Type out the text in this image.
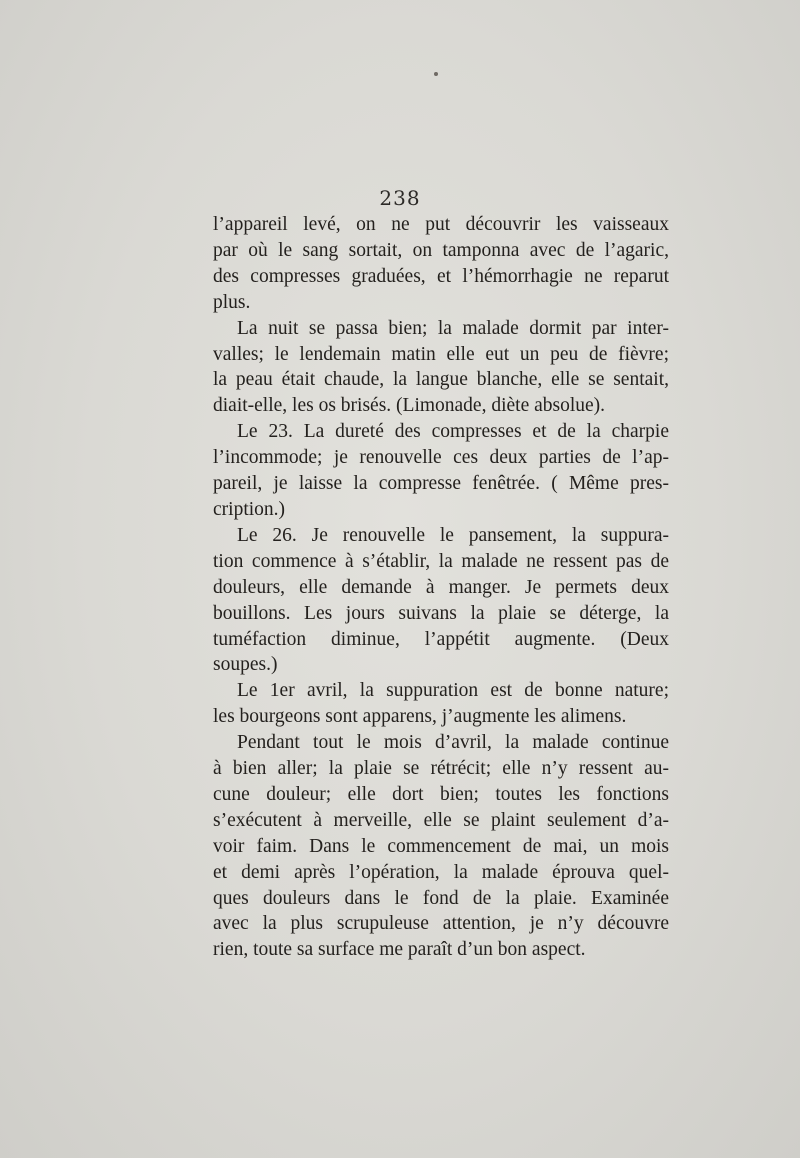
238
l’appareil levé, on ne put découvrir les vaisseaux
par où le sang sortait, on tamponna avec de l’agaric,
des compresses graduées, et l’hémorrhagie ne reparut
plus.
La nuit se passa bien; la malade dormit par inter-
valles; le lendemain matin elle eut un peu de fièvre;
la peau était chaude, la langue blanche, elle se sentait,
diait-elle, les os brisés. (Limonade, diète absolue).
Le 23. La dureté des compresses et de la charpie
l’incommode; je renouvelle ces deux parties de l’ap-
pareil, je laisse la compresse fenêtrée. ( Même pres-
cription.)
Le 26. Je renouvelle le pansement, la suppura-
tion commence à s’établir, la malade ne ressent pas de
douleurs, elle demande à manger. Je permets deux
bouillons. Les jours suivans la plaie se déterge, la
tuméfaction diminue, l’appétit augmente. (Deux
soupes.)
Le 1er avril, la suppuration est de bonne nature;
les bourgeons sont apparens, j’augmente les alimens.
Pendant tout le mois d’avril, la malade continue
à bien aller; la plaie se rétrécit; elle n’y ressent au-
cune douleur; elle dort bien; toutes les fonctions
s’exécutent à merveille, elle se plaint seulement d’a-
voir faim. Dans le commencement de mai, un mois
et demi après l’opération, la malade éprouva quel-
ques douleurs dans le fond de la plaie. Examinée
avec la plus scrupuleuse attention, je n’y découvre
rien, toute sa surface me paraît d’un bon aspect.
